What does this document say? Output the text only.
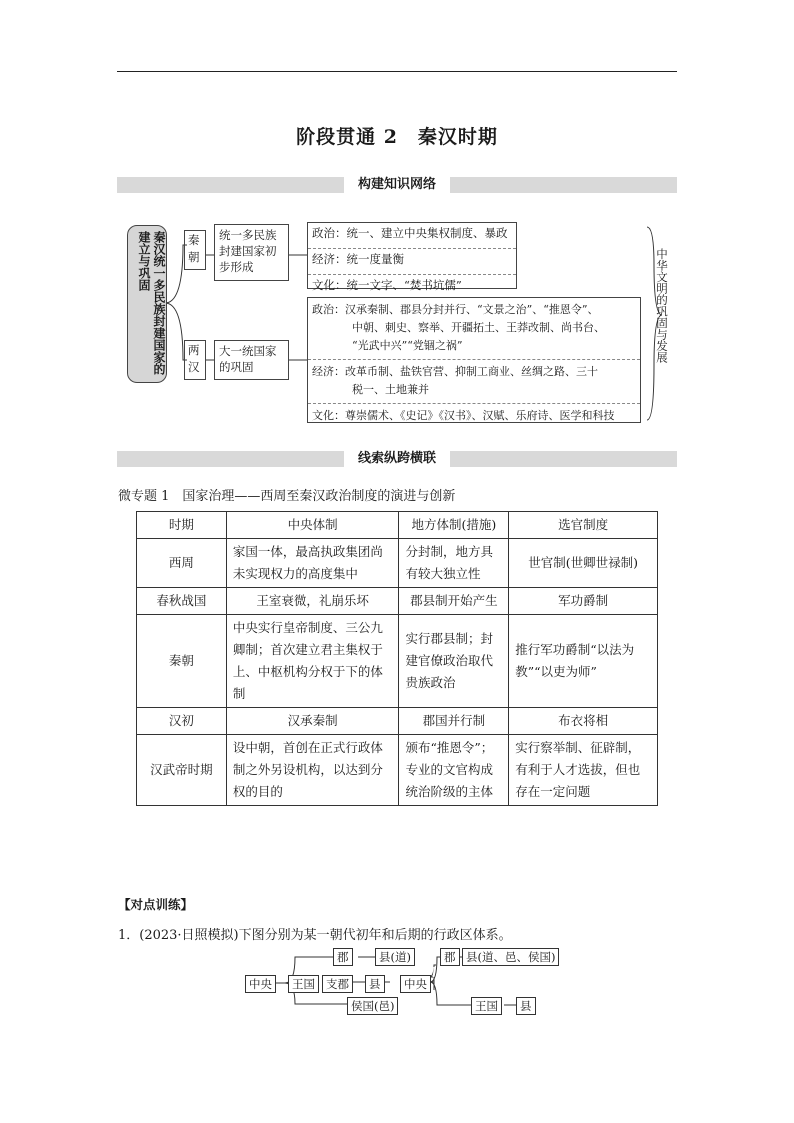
阶段贯通 2　秦汉时期
构建知识网络
秦汉统一多民族封建国家的建立与巩固	秦朝
统一多民族封建国家初步形成
政治：统一、建立中央集权制度、暴政
经济：统一度量衡
文化：统一文字、“焚书坑儒”
两汉
大一统国家的巩固
政治：汉承秦制、郡县分封并行、“文景之治”、“推恩令”、
中朝、刺史、察举、开疆拓土、王莽改制、尚书台、
“光武中兴”“党锢之祸”
经济：改革币制、盐铁官营、抑制工商业、丝绸之路、三十
税一、土地兼并
文化：尊崇儒术、《史记》《汉书》、汉赋、乐府诗、医学和科技
中华文明的巩固与发展
线索纵跨横联
微专题 1　国家治理——西周至秦汉政治制度的演进与创新
时期	中央体制	地方体制(措施)	选官制度
西周	家国一体，最高执政集团尚未实现权力的高度集中	分封制，地方具有较大独立性	世官制(世卿世禄制)
春秋战国	王室衰微，礼崩乐坏	郡县制开始产生	军功爵制
秦朝	中央实行皇帝制度、三公九卿制；首次建立君主集权于上、中枢机构分权于下的体制	实行郡县制；封建官僚政治取代贵族政治	推行军功爵制“以法为教”“以吏为师”
汉初	汉承秦制	郡国并行制	布衣将相
汉武帝时期	设中朝，首创在正式行政体制之外另设机构，以达到分权的目的	颁布“推恩令”；专业的文官构成统治阶级的主体	实行察举制、征辟制，有利于人才选拔，但也存在一定问题
【对点训练】
1．(2023·日照模拟)下图分别为某一朝代初年和后期的行政区体系。
中央
郡	县(道)
王国 支郡	县
侯国(邑)
中央
郡 县(道、邑、侯国)
王国	县
